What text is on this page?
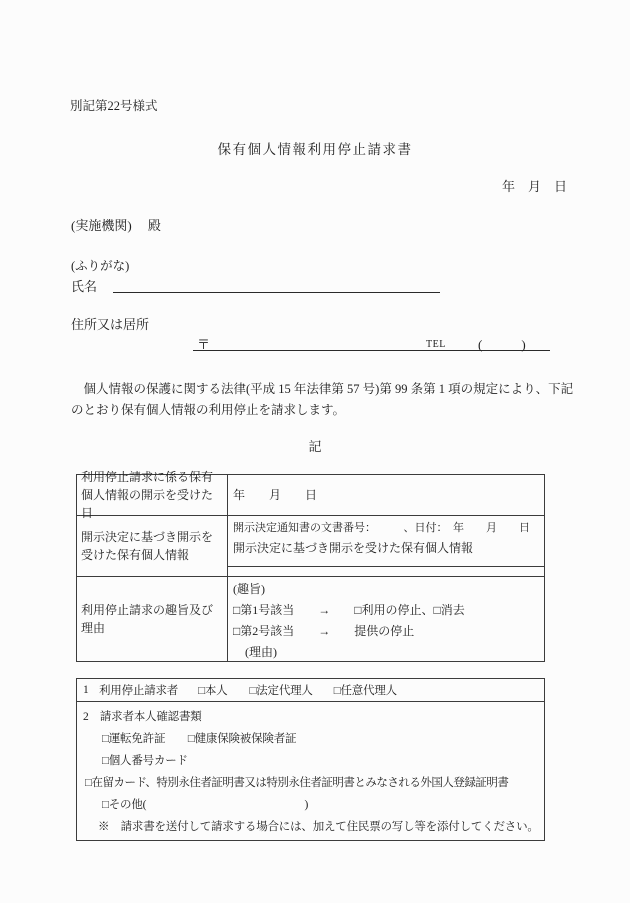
別記第22号様式
保有個人情報利用停止請求書
年　月　日
(実施機関)　 殿
(ふりがな)
氏名
住所又は居所
〒	TEL (　　　)
　個人情報の保護に関する法律(平成 15 年法律第 57 号)第 99 条第 1 項の規定により、下記
のとおり保有個人情報の利用停止を請求します。
記
利用停止請求に係る保有個人情報の開示を受けた日
年　　月　　日
開示決定に基づき開示を受けた保有個人情報
開示決定通知書の文書番号：　　　、日付：　年　　月　　日
開示決定に基づき開示を受けた保有個人情報
利用停止請求の趣旨及び理由
(趣旨)
□第1号該当　　→　　□利用の停止、□消去
□第2号該当　　→　　提供の停止
　(理由)
1 利用停止請求者 □本人 □法定代理人 □任意代理人
2　請求者本人確認書類
□運転免許証　　□健康保険被保険者証
□個人番号カード
□在留カード、特別永住者証明書又は特別永住者証明書とみなされる外国人登録証明書
□その他(　　　　　　　　　　　　　　)
※　請求書を送付して請求する場合には、加えて住民票の写し等を添付してください。
